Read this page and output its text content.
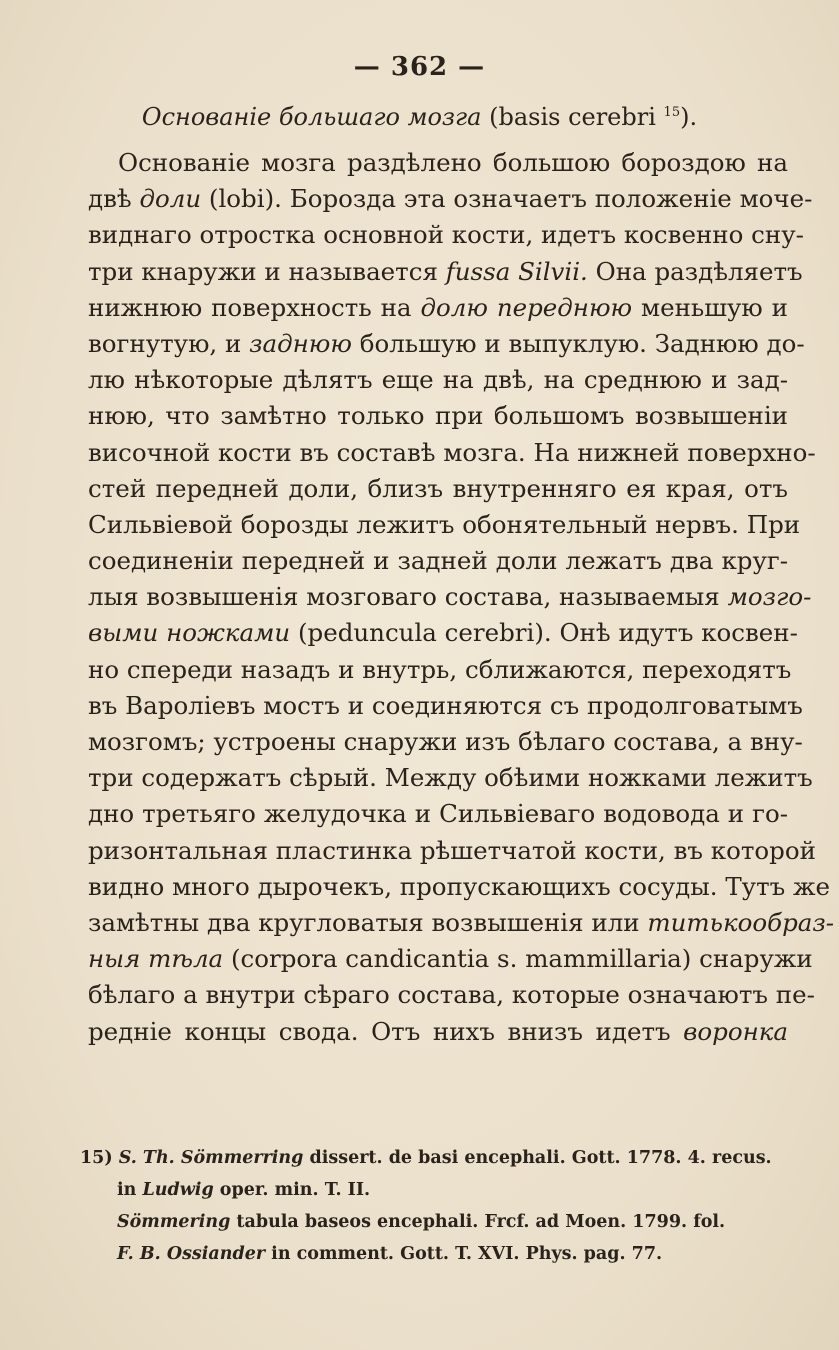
— 362 —
Основанiе большаго мозга (basis cerebri $^{15}$).
Основанiе мозга раздѣлено большою бороздою на
двѣ доли (lobi). Борозда эта означаетъ положенiе моче-
виднаго отростка основной кости, идетъ косвенно сну-
три кнаружи и называется fussa Silvii. Она раздѣляетъ
нижнюю поверхность на долю переднюю меньшую и
вогнутую, и заднюю большую и выпуклую. Заднюю до-
лю нѣкоторые дѣлятъ еще на двѣ, на среднюю и зад-
нюю, что замѣтно только при большомъ возвышенiи
височной кости въ составѣ мозга. На нижней поверхно-
стей передней доли, близъ внутренняго ея края, отъ
Сильвiевой борозды лежитъ обонятельный нервъ. При
соединенiи передней и задней доли лежатъ два круг-
лыя возвышенiя мозговаго состава, называемыя мозго-
выми ножками (peduncula cerebri). Онѣ идутъ косвен-
но спереди назадъ и внутрь, сближаются, переходятъ
въ Варолiевъ мостъ и соединяются съ продолговатымъ
мозгомъ; устроены снаружи изъ бѣлаго состава, а вну-
три содержатъ сѣрый. Между обѣими ножками лежитъ
дно третьяго желудочка и Сильвiеваго водовода и го-
ризонтальная пластинка рѣшетчатой кости, въ которой
видно много дырочекъ, пропускающихъ сосуды. Тутъ же
замѣтны два кругловатыя возвышенiя или титькообраз-
ныя тѣла (corpora candicantia s. mammillaria) снаружи
бѣлаго а внутри сѣраго состава, которые означаютъ пе-
реднiе концы свода. Отъ нихъ внизъ идетъ воронка
15) S. Th. Sömmerring dissert. de basi encephali. Gott. 1778. 4. recus.
in Ludwig oper. min. T. II.
Sömmering tabula baseos encephali. Frcf. ad Moen. 1799. fol.
F. B. Ossiander in comment. Gott. T. XVI. Phys. pag. 77.
